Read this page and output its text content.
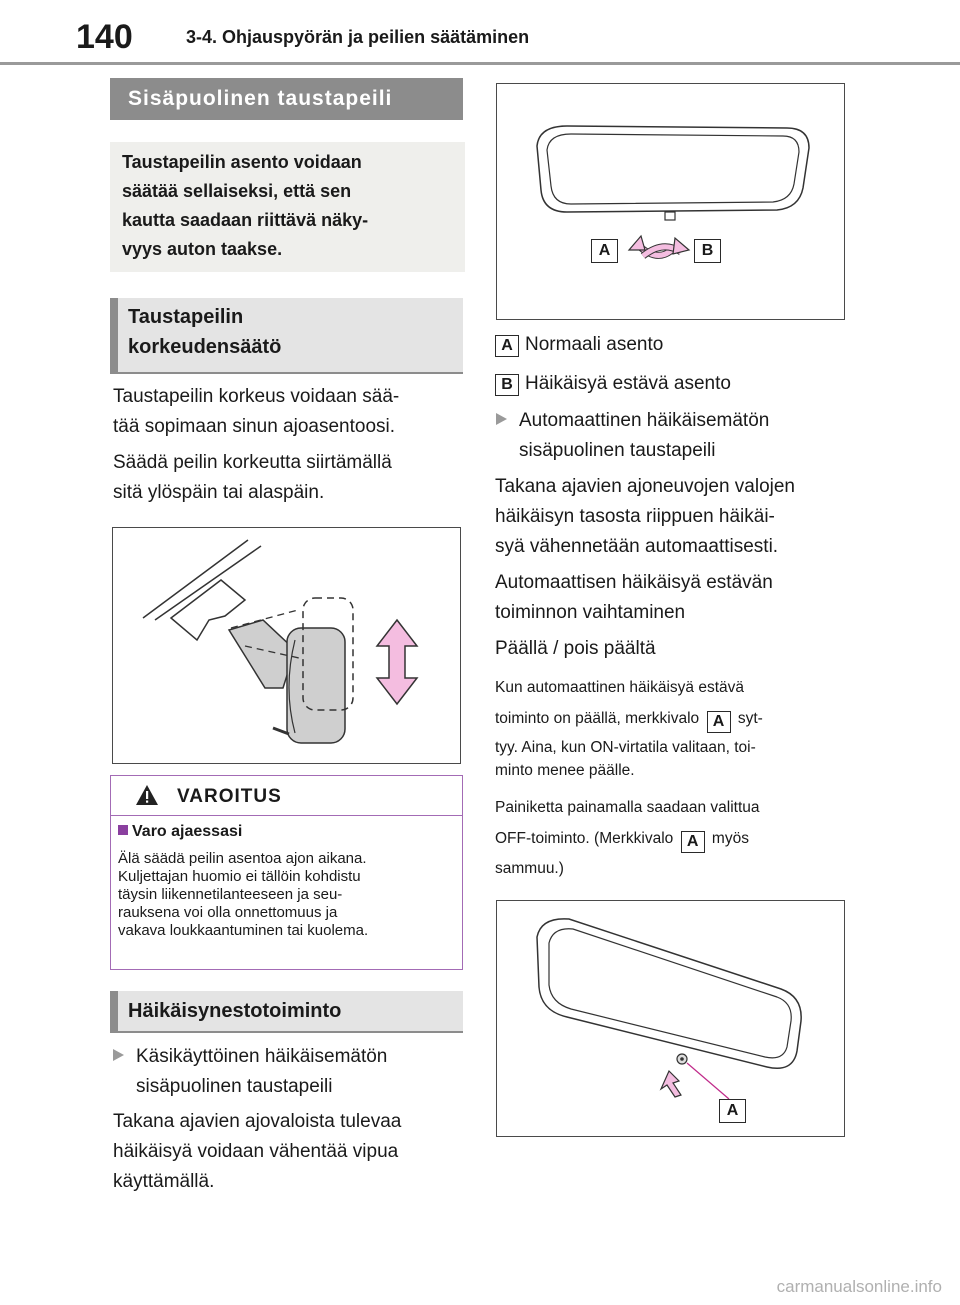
140	3-4. Ohjauspyörän ja peilien säätäminen
Sisäpuolinen taustapeili
Taustapeilin asento voidaan
säätää sellaiseksi, että sen
kautta saadaan riittävä näky-
vyys auton taakse.
Taustapeilin
korkeudensäätö
Taustapeilin korkeus voidaan sää-
tää sopimaan sinun ajoasentoosi.
Säädä peilin korkeutta siirtämällä
sitä ylöspäin tai alaspäin.
VAROITUS
Varo ajaessasi
Älä säädä peilin asentoa ajon aikana.
Kuljettajan huomio ei tällöin kohdistu
täysin liikennetilanteeseen ja seu-
rauksena voi olla onnettomuus ja
vakava loukkaantuminen tai kuolema.
Häikäisynestotoiminto
Käsikäyttöinen häikäisemätön
sisäpuolinen taustapeili
Takana ajavien ajovaloista tulevaa
häikäisyä voidaan vähentää vipua
käyttämällä.
A	B
A Normaali asento
B Häikäisyä estävä asento
Automaattinen häikäisemätön
sisäpuolinen taustapeili
Takana ajavien ajoneuvojen valojen
häikäisyn tasosta riippuen häikäi-
syä vähennetään automaattisesti.
Automaattisen häikäisyä estävän
toiminnon vaihtaminen
Päällä / pois päältä
Kun automaattinen häikäisyä estävä
toiminto on päällä, merkkivalo A syt-
tyy. Aina, kun ON-virtatila valitaan, toi-
minto menee päälle.
Painiketta painamalla saadaan valittua
OFF-toiminto. (Merkkivalo A myös
sammuu.)
A
carmanualsonline.info
